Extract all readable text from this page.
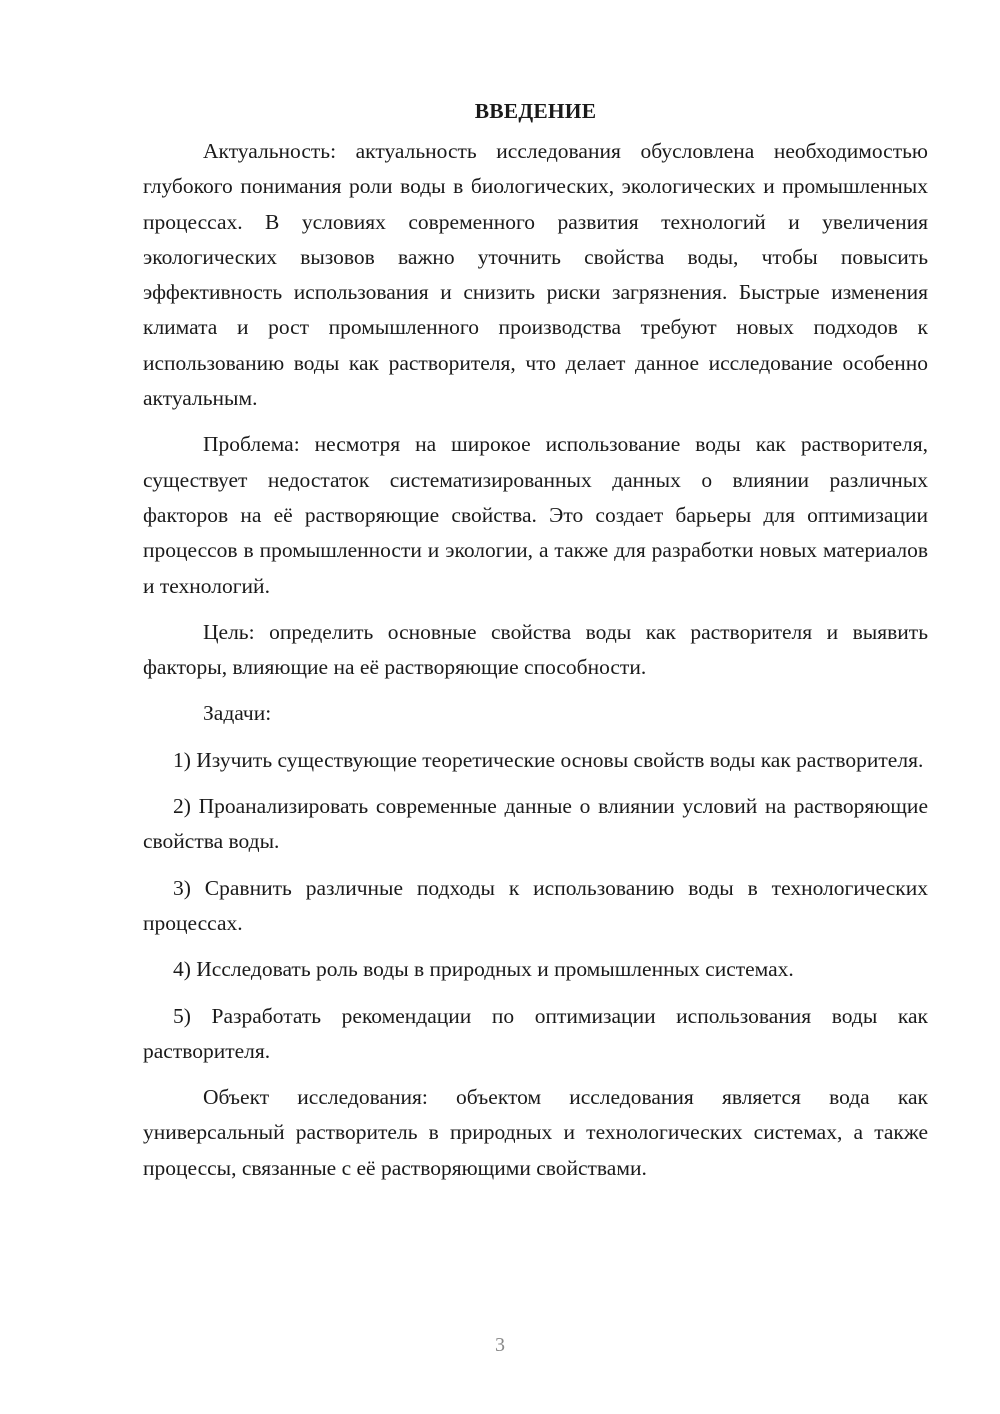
ВВЕДЕНИЕ

Актуальность: актуальность исследования обусловлена необходимостью глубокого понимания роли воды в биологических, экологических и промышленных процессах. В условиях современного развития технологий и увеличения экологических вызовов важно уточнить свойства воды, чтобы повысить эффективность использования и снизить риски загрязнения. Быстрые изменения климата и рост промышленного производства требуют новых подходов к использованию воды как растворителя, что делает данное исследование особенно актуальным.

Проблема: несмотря на широкое использование воды как растворителя, существует недостаток систематизированных данных о влиянии различных факторов на её растворяющие свойства. Это создает барьеры для оптимизации процессов в промышленности и экологии, а также для разработки новых материалов и технологий.

Цель: определить основные свойства воды как растворителя и выявить факторы, влияющие на её растворяющие способности.

Задачи:

1) Изучить существующие теоретические основы свойств воды как растворителя.

2) Проанализировать современные данные о влиянии условий на растворяющие свойства воды.

3) Сравнить различные подходы к использованию воды в технологических процессах.

4) Исследовать роль воды в природных и промышленных системах.

5) Разработать рекомендации по оптимизации использования воды как растворителя.

Объект исследования: объектом исследования является вода как универсальный растворитель в природных и технологических системах, а также процессы, связанные с её растворяющими свойствами.

3
